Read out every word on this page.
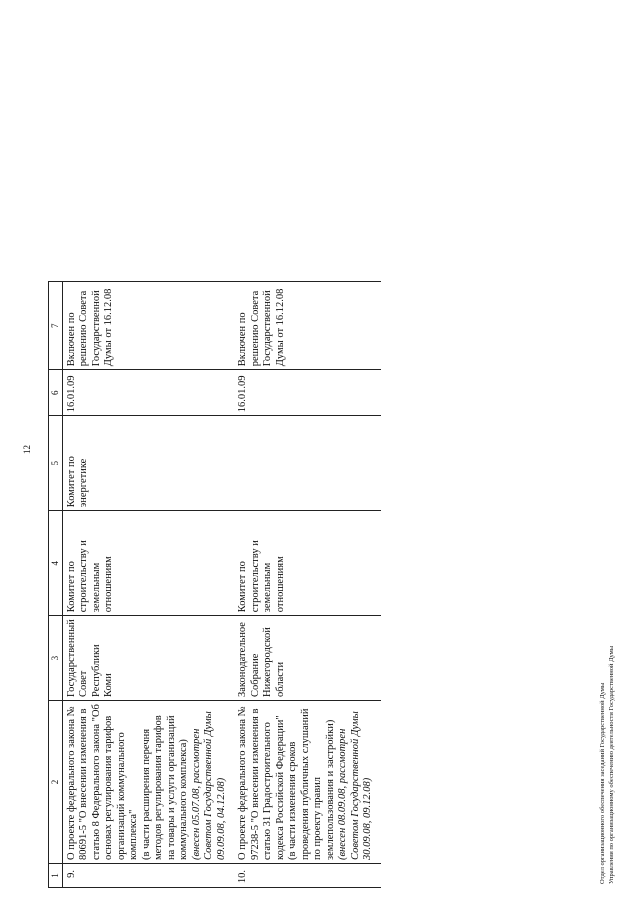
12
1	2	3	4	5	6	7
9.	О проекте федерального закона № 80691-5 "О внесении изменения в статью 8 Федерального закона "Об основах регулирования тарифов организаций коммунального комплекса" (в части расширения перечня методов регулирования тарифов на товары и услуги организаций коммунального комплекса) (внесен 05.07.08, рассмотрен Советом Государственной Думы 09.09.08, 04.12.08)	Государственный Совет Республики Коми	Комитет по строительству и земельным отношениям	Комитет по энергетике	16.01.09	Включен по решению Совета Государственной Думы от 16.12.08
10.	О проекте федерального закона № 97238-5 "О внесении изменения в статью 31 Градостроительного кодекса Российской Федерации" (в части изменения сроков проведения публичных слушаний по проекту правил землепользования и застройки) (внесен 08.09.08, рассмотрен Советом Государственной Думы 30.09.08, 09.12.08)	Законодательное Собрание Нижегородской области	Комитет по строительству и земельным отношениям		16.01.09	Включен по решению Совета Государственной Думы от 16.12.08
Отдел организационного обеспечения заседаний Государственной Думы Управления по организационному обеспечению деятельности Государственной Думы
